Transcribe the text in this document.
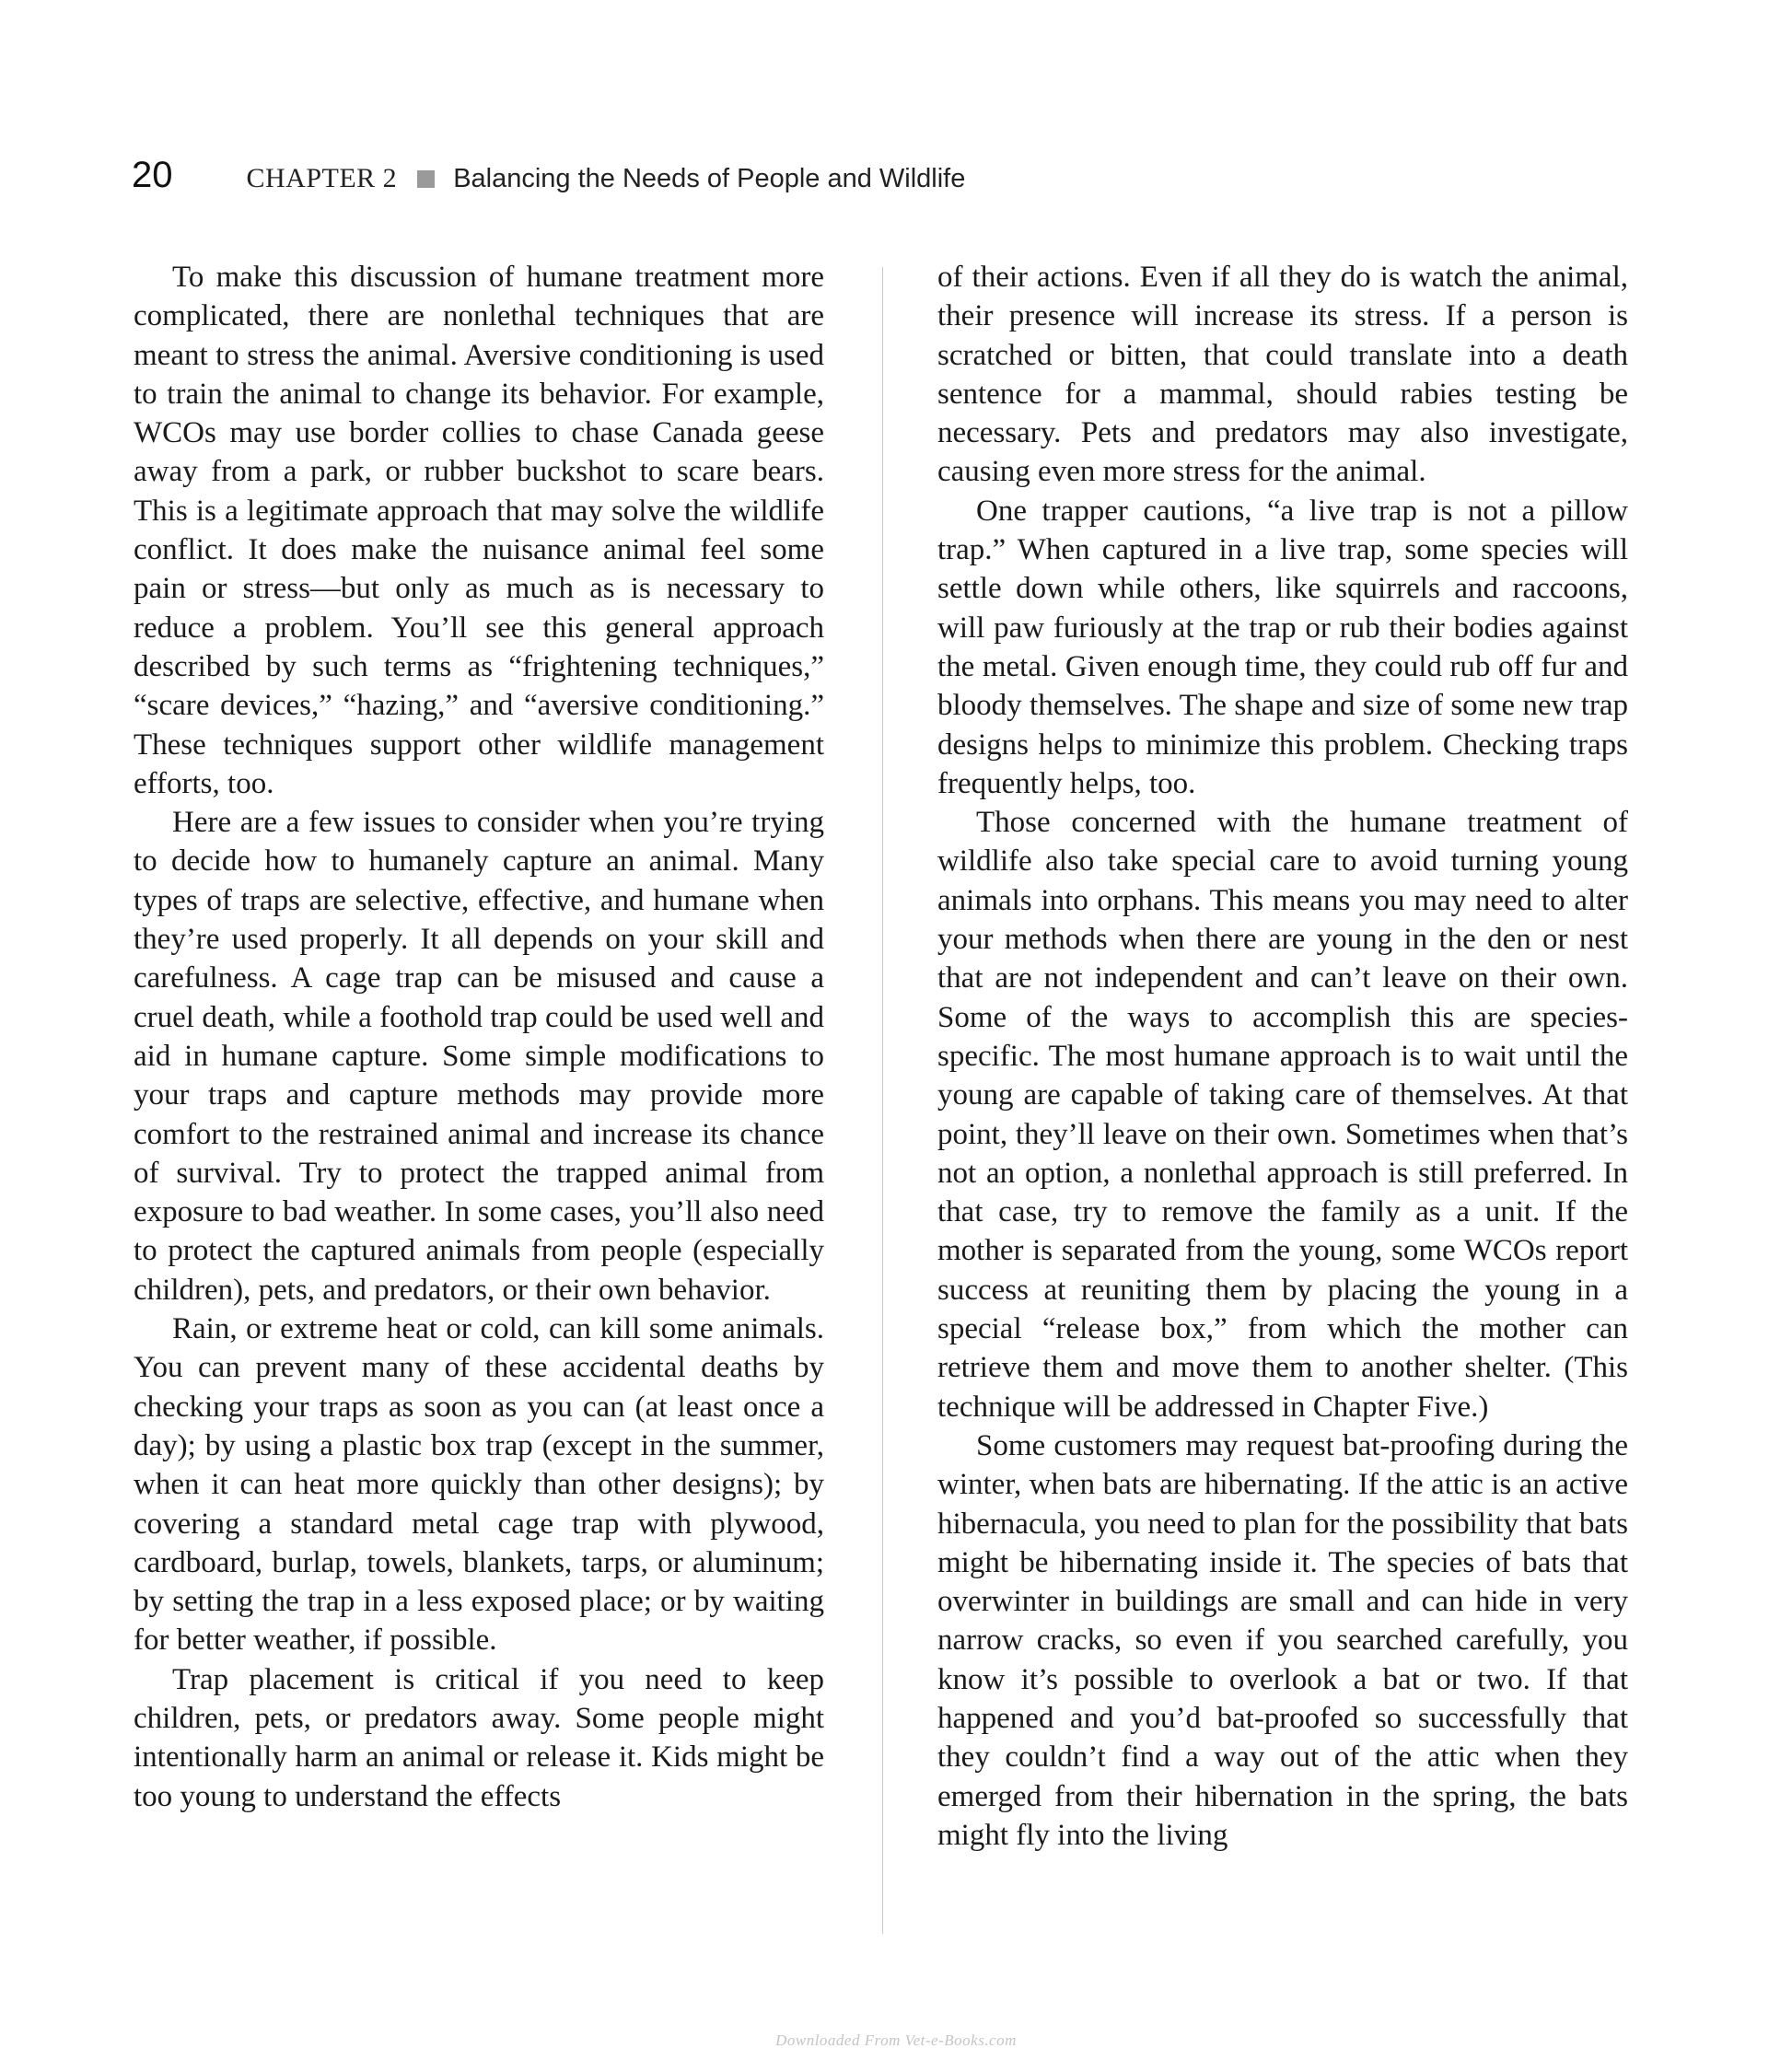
20	CHAPTER 2 Balancing the Needs of People and Wildlife

To make this discussion of humane treatment more complicated, there are nonlethal techniques that are meant to stress the animal. Aversive conditioning is used to train the animal to change its behavior. For example, WCOs may use border collies to chase Canada geese away from a park, or rubber buckshot to scare bears. This is a legitimate approach that may solve the wildlife conflict. It does make the nuisance animal feel some pain or stress—but only as much as is necessary to reduce a problem. You’ll see this general approach described by such terms as “frightening techniques,” “scare devices,” “hazing,” and “aversive conditioning.” These techniques support other wildlife management efforts, too.

Here are a few issues to consider when you’re trying to decide how to humanely capture an animal. Many types of traps are selective, effective, and humane when they’re used properly. It all depends on your skill and carefulness. A cage trap can be misused and cause a cruel death, while a foothold trap could be used well and aid in humane capture. Some simple modifications to your traps and capture methods may provide more comfort to the restrained animal and increase its chance of survival. Try to protect the trapped animal from exposure to bad weather. In some cases, you’ll also need to protect the captured animals from people (especially children), pets, and predators, or their own behavior.

Rain, or extreme heat or cold, can kill some animals. You can prevent many of these accidental deaths by checking your traps as soon as you can (at least once a day); by using a plastic box trap (except in the summer, when it can heat more quickly than other designs); by covering a standard metal cage trap with plywood, cardboard, burlap, towels, blankets, tarps, or aluminum; by setting the trap in a less exposed place; or by waiting for better weather, if possible.

Trap placement is critical if you need to keep children, pets, or predators away. Some people might intentionally harm an animal or release it. Kids might be too young to understand the effects

of their actions. Even if all they do is watch the animal, their presence will increase its stress. If a person is scratched or bitten, that could translate into a death sentence for a mammal, should rabies testing be necessary. Pets and predators may also investigate, causing even more stress for the animal.

One trapper cautions, “a live trap is not a pillow trap.” When captured in a live trap, some species will settle down while others, like squirrels and raccoons, will paw furiously at the trap or rub their bodies against the metal. Given enough time, they could rub off fur and bloody themselves. The shape and size of some new trap designs helps to minimize this problem. Checking traps frequently helps, too.

Those concerned with the humane treatment of wildlife also take special care to avoid turning young animals into orphans. This means you may need to alter your methods when there are young in the den or nest that are not independent and can’t leave on their own. Some of the ways to accomplish this are species-specific. The most humane approach is to wait until the young are capable of taking care of themselves. At that point, they’ll leave on their own. Sometimes when that’s not an option, a nonlethal approach is still preferred. In that case, try to remove the family as a unit. If the mother is separated from the young, some WCOs report success at reuniting them by placing the young in a special “release box,” from which the mother can retrieve them and move them to another shelter. (This technique will be addressed in Chapter Five.)

Some customers may request bat-proofing during the winter, when bats are hibernating. If the attic is an active hibernacula, you need to plan for the possibility that bats might be hibernating inside it. The species of bats that overwinter in buildings are small and can hide in very narrow cracks, so even if you searched carefully, you know it’s possible to overlook a bat or two. If that happened and you’d bat-proofed so successfully that they couldn’t find a way out of the attic when they emerged from their hibernation in the spring, the bats might fly into the living

Downloaded From Vet-e-Books.com
